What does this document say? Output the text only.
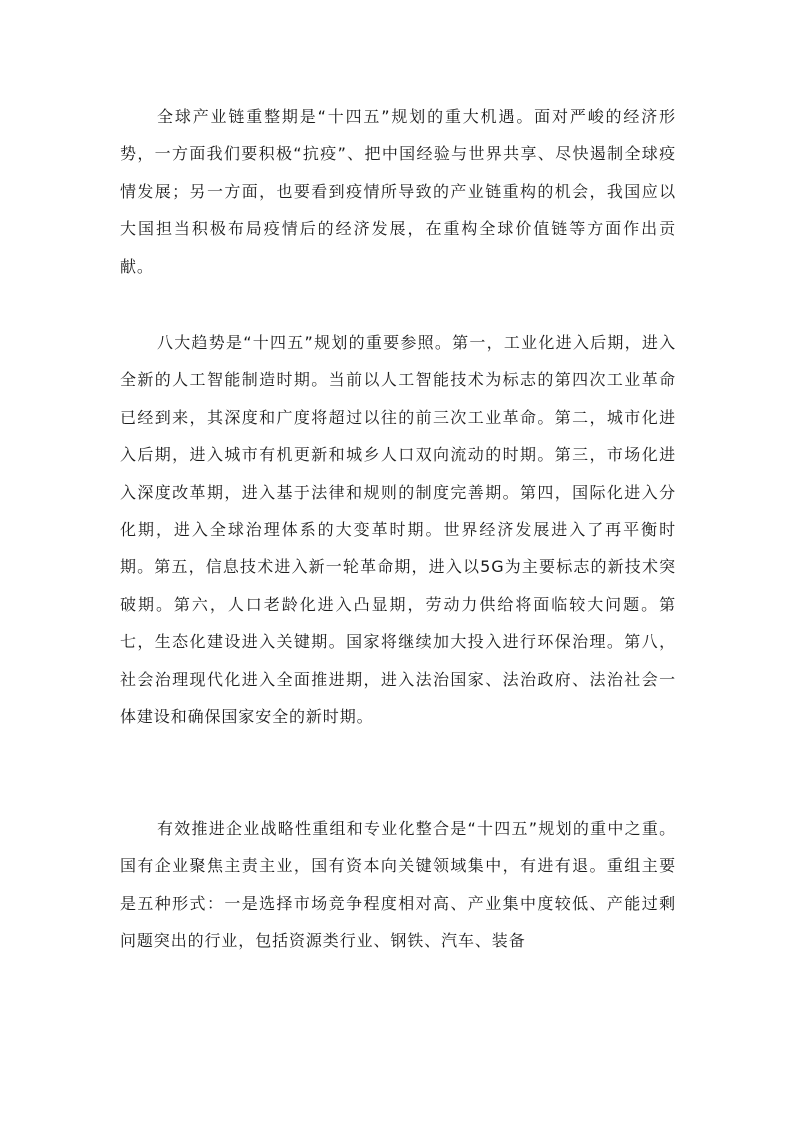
全球产业链重整期是“十四五”规划的重大机遇。面对严峻的经济形势，一方面我们要积极“抗疫”、把中国经验与世界共享、尽快遏制全球疫情发展；另一方面，也要看到疫情所导致的产业链重构的机会，我国应以大国担当积极布局疫情后的经济发展，在重构全球价值链等方面作出贡献。

八大趋势是“十四五”规划的重要参照。第一，工业化进入后期，进入全新的人工智能制造时期。当前以人工智能技术为标志的第四次工业革命已经到来，其深度和广度将超过以往的前三次工业革命。第二，城市化进入后期，进入城市有机更新和城乡人口双向流动的时期。第三，市场化进入深度改革期，进入基于法律和规则的制度完善期。第四，国际化进入分化期，进入全球治理体系的大变革时期。世界经济发展进入了再平衡时期。第五，信息技术进入新一轮革命期，进入以5G为主要标志的新技术突破期。第六，人口老龄化进入凸显期，劳动力供给将面临较大问题。第七，生态化建设进入关键期。国家将继续加大投入进行环保治理。第八，社会治理现代化进入全面推进期，进入法治国家、法治政府、法治社会一体建设和确保国家安全的新时期。

有效推进企业战略性重组和专业化整合是“十四五”规划的重中之重。国有企业聚焦主责主业，国有资本向关键领域集中，有进有退。重组主要是五种形式：一是选择市场竞争程度相对高、产业集中度较低、产能过剩问题突出的行业，包括资源类行业、钢铁、汽车、装备
